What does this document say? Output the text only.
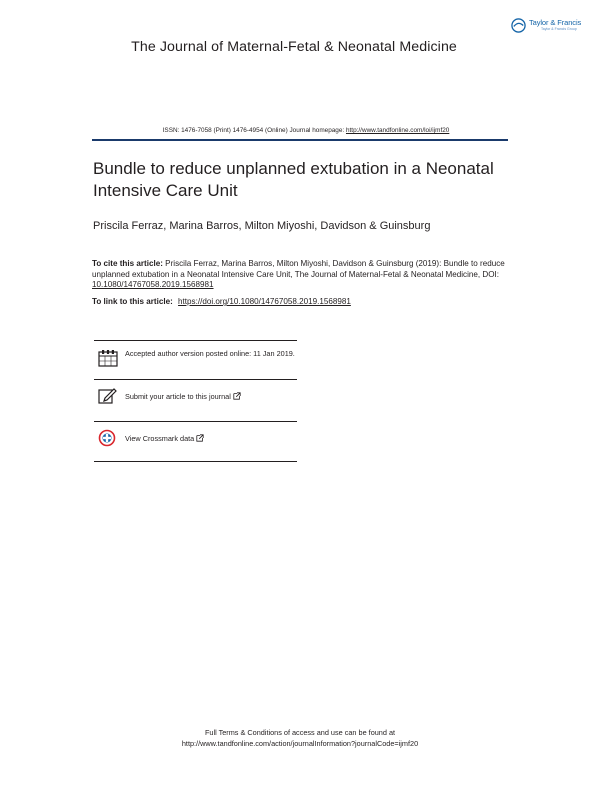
Taylor & Francis
Taylor & Francis Group
The Journal of Maternal-Fetal & Neonatal Medicine
ISSN: 1476-7058 (Print) 1476-4954 (Online) Journal homepage: http://www.tandfonline.com/loi/ijmf20
Bundle to reduce unplanned extubation in a Neonatal Intensive Care Unit
Priscila Ferraz, Marina Barros, Milton Miyoshi, Davidson & Guinsburg
To cite this article: Priscila Ferraz, Marina Barros, Milton Miyoshi, Davidson & Guinsburg (2019): Bundle to reduce unplanned extubation in a Neonatal Intensive Care Unit, The Journal of Maternal-Fetal & Neonatal Medicine, DOI: 10.1080/14767058.2019.1568981
To link to this article: https://doi.org/10.1080/14767058.2019.1568981
Accepted author version posted online: 11 Jan 2019.
Submit your article to this journal
View Crossmark data
Full Terms & Conditions of access and use can be found at
http://www.tandfonline.com/action/journalInformation?journalCode=ijmf20
